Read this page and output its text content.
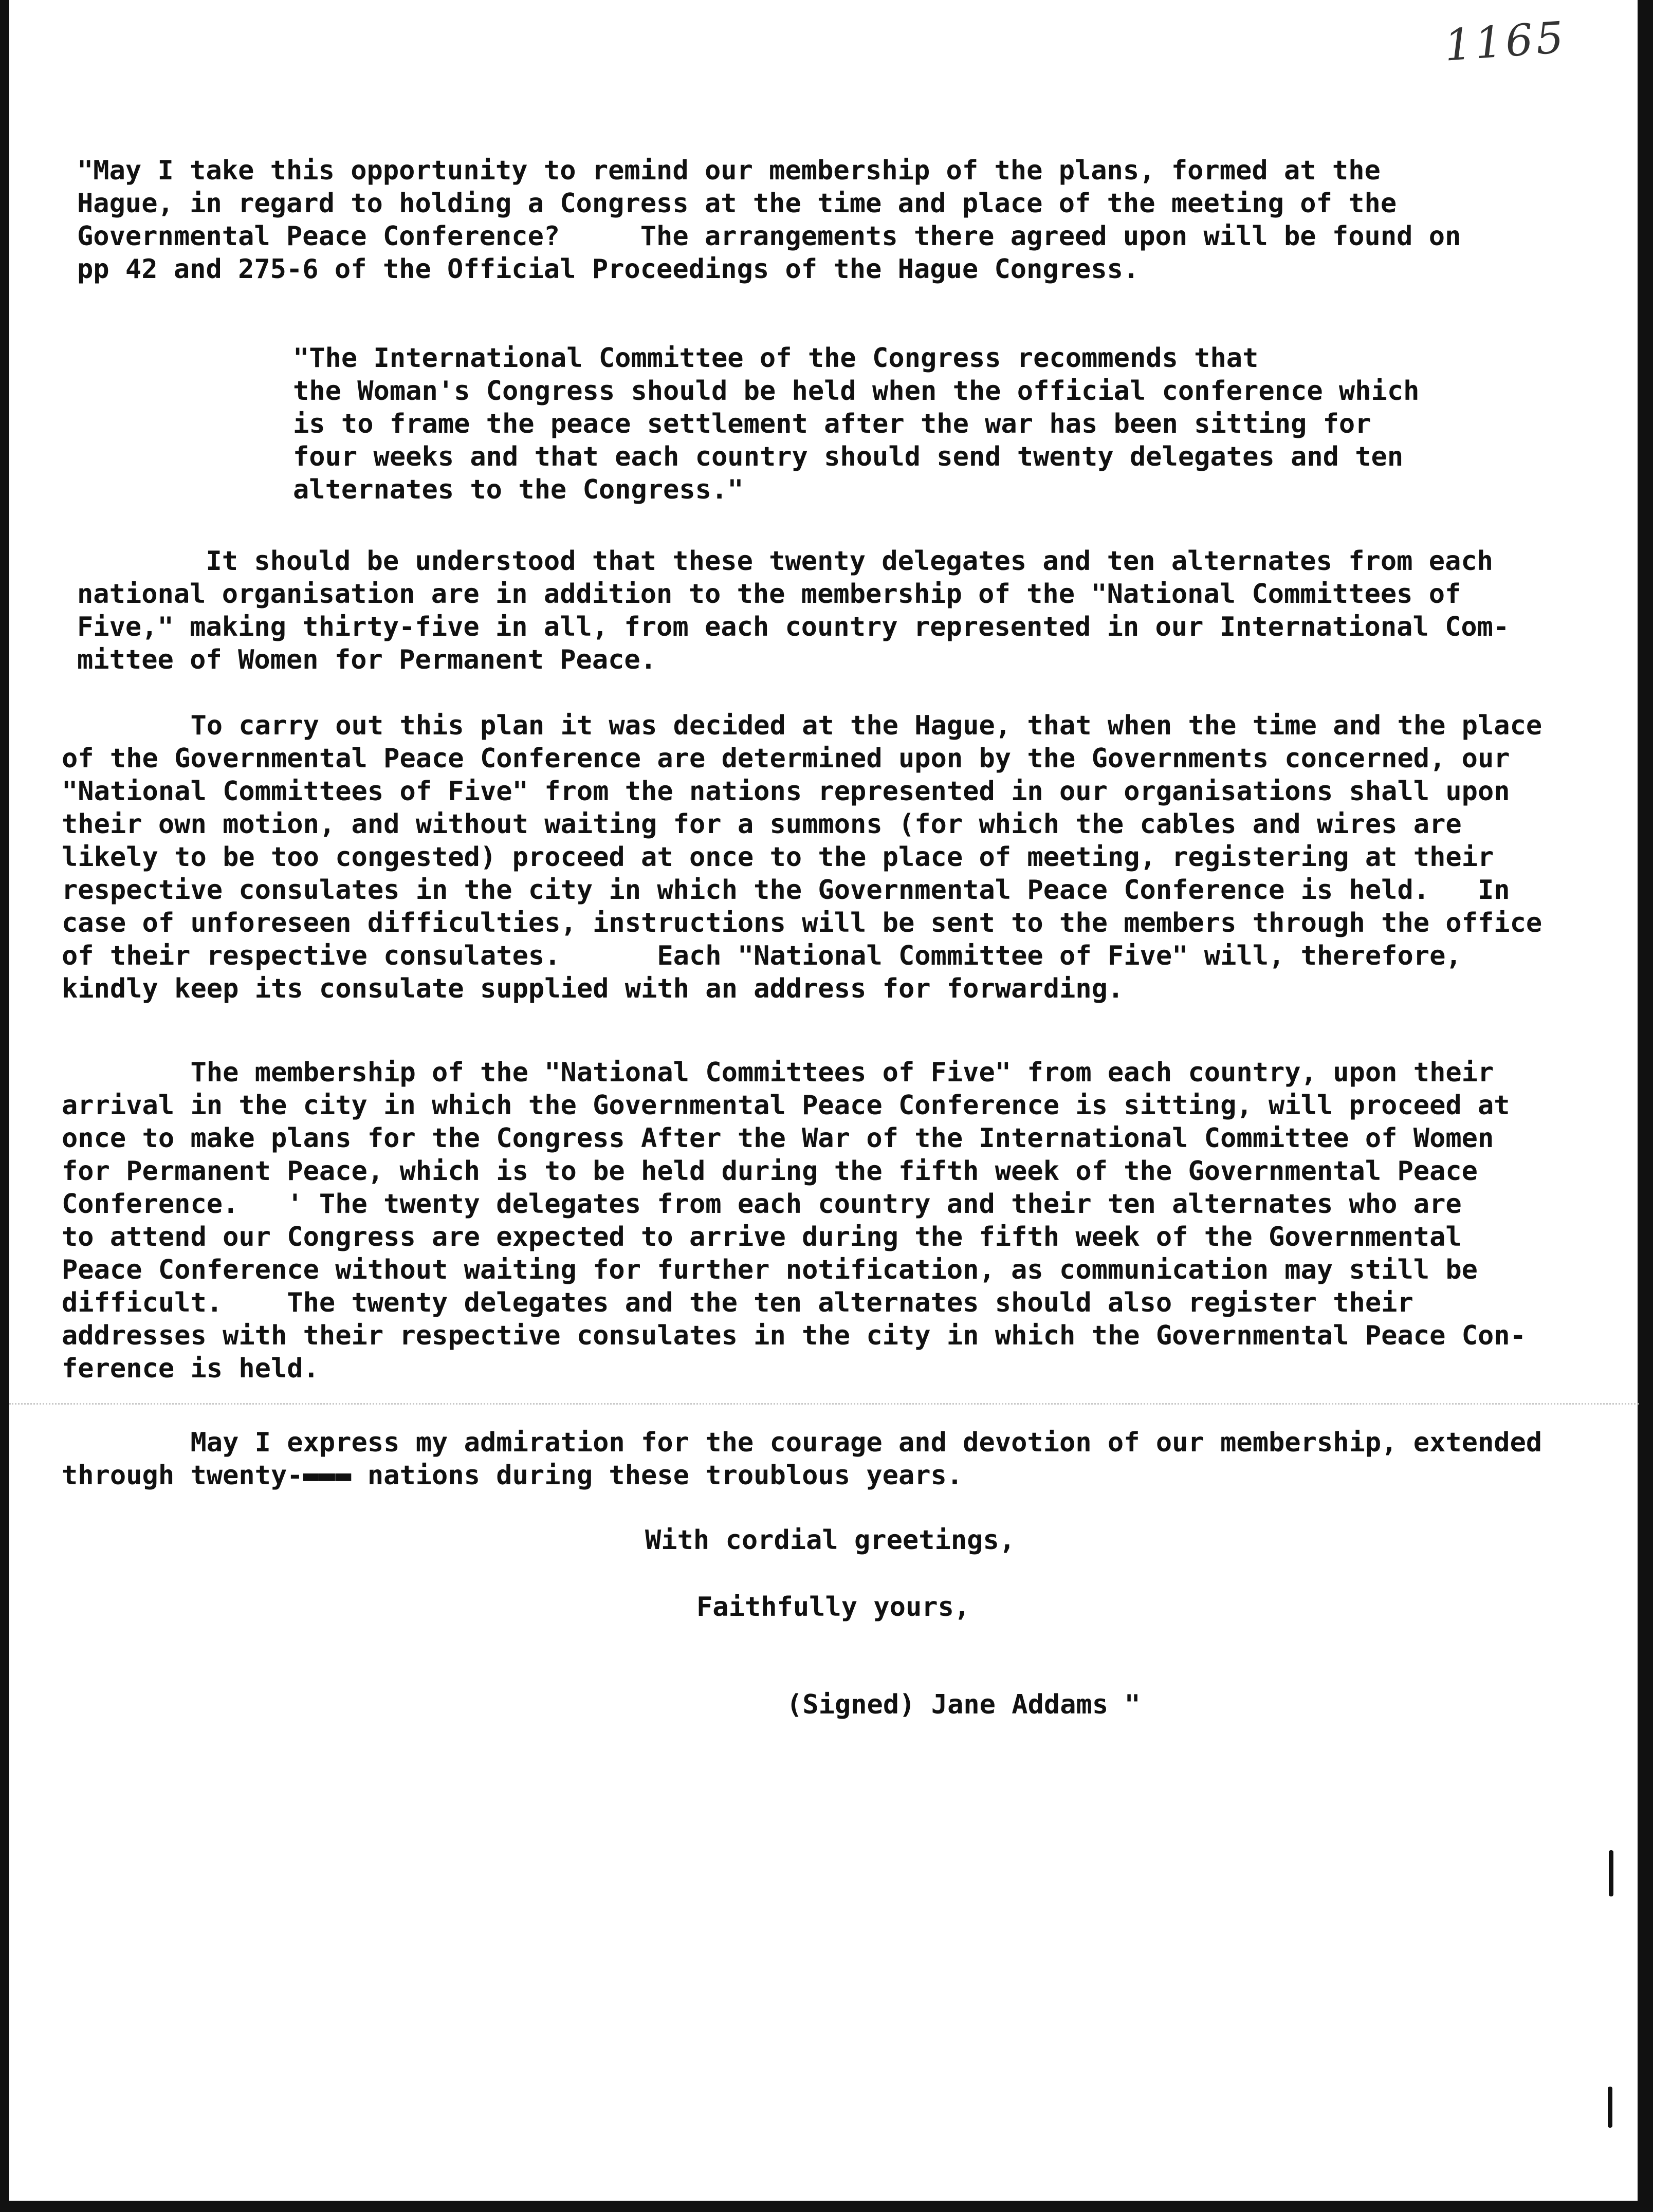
1165

"May I take this opportunity to remind our membership of the plans, formed at the
Hague, in regard to holding a Congress at the time and place of the meeting of the
Governmental Peace Conference?     The arrangements there agreed upon will be found on
pp 42 and 275-6 of the Official Proceedings of the Hague Congress.

"The International Committee of the Congress recommends that
the Woman's Congress should be held when the official conference which
is to frame the peace settlement after the war has been sitting for
four weeks and that each country should send twenty delegates and ten
alternates to the Congress."

It should be understood that these twenty delegates and ten alternates from each
national organisation are in addition to the membership of the "National Committees of
Five," making thirty-five in all, from each country represented in our International Com-
mittee of Women for Permanent Peace.

To carry out this plan it was decided at the Hague, that when the time and the place
of the Governmental Peace Conference are determined upon by the Governments concerned, our
"National Committees of Five" from the nations represented in our organisations shall upon
their own motion, and without waiting for a summons (for which the cables and wires are
likely to be too congested) proceed at once to the place of meeting, registering at their
respective consulates in the city in which the Governmental Peace Conference is held.   In
case of unforeseen difficulties, instructions will be sent to the members through the office
of their respective consulates.      Each "National Committee of Five" will, therefore,
kindly keep its consulate supplied with an address for forwarding.

The membership of the "National Committees of Five" from each country, upon their
arrival in the city in which the Governmental Peace Conference is sitting, will proceed at
once to make plans for the Congress After the War of the International Committee of Women
for Permanent Peace, which is to be held during the fifth week of the Governmental Peace
Conference.   ' The twenty delegates from each country and their ten alternates who are
to attend our Congress are expected to arrive during the fifth week of the Governmental
Peace Conference without waiting for further notification, as communication may still be
difficult.    The twenty delegates and the ten alternates should also register their
addresses with their respective consulates in the city in which the Governmental Peace Con-
ference is held.

May I express my admiration for the courage and devotion of our membership, extended
through twenty-▬▬▬ nations during these troublous years.

With cordial greetings,

Faithfully yours,

(Signed) Jane Addams "
